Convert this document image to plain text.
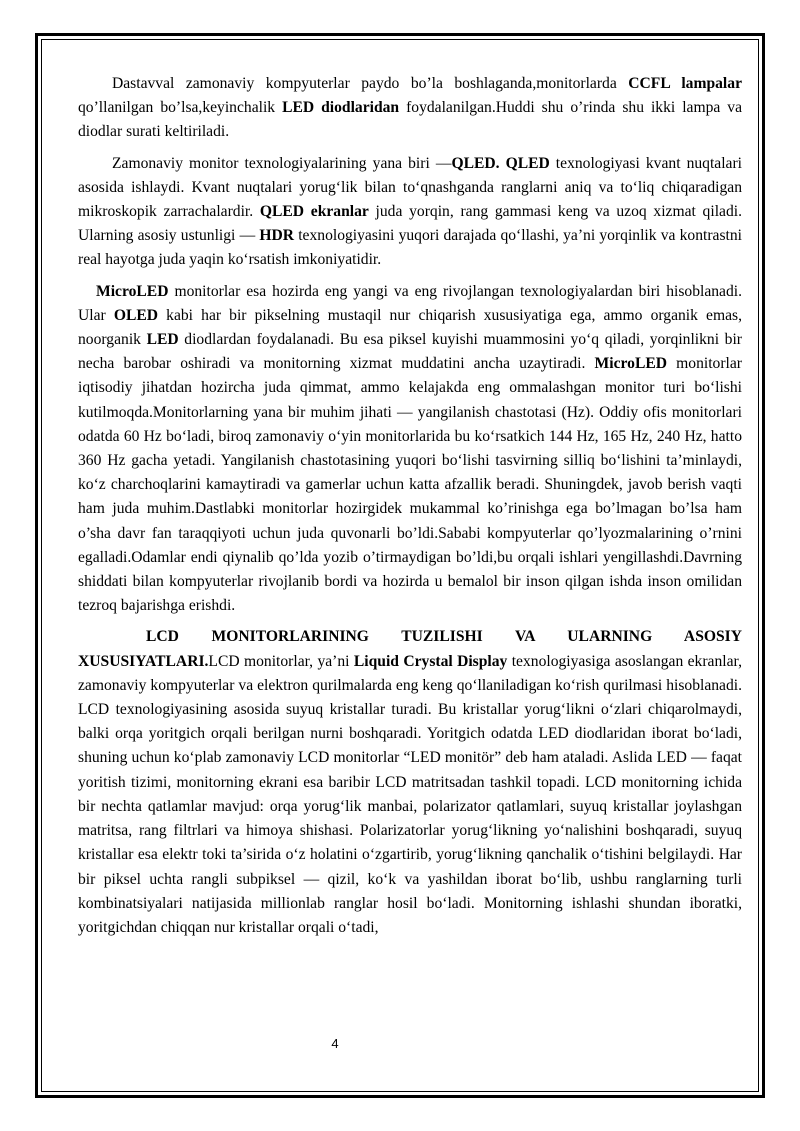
Dastavval zamonaviy kompyuterlar paydo bo’la boshlaganda,monitorlarda CCFL lampalar qo’llanilgan bo’lsa,keyinchalik LED diodlaridan foydalanilgan.Huddi shu o’rinda shu ikki lampa va diodlar surati keltiriladi.

Zamonaviy monitor texnologiyalarining yana biri —QLED. QLED texnologiyasi kvant nuqtalari asosida ishlaydi. Kvant nuqtalari yorug‘lik bilan to‘qnashganda ranglarni aniq va to‘liq chiqaradigan mikroskopik zarrachalardir. QLED ekranlar juda yorqin, rang gammasi keng va uzoq xizmat qiladi. Ularning asosiy ustunligi — HDR texnologiyasini yuqori darajada qo‘llashi, ya’ni yorqinlik va kontrastni real hayotga juda yaqin ko‘rsatish imkoniyatidir.

MicroLED monitorlar esa hozirda eng yangi va eng rivojlangan texnologiyalardan biri hisoblanadi. Ular OLED kabi har bir pikselning mustaqil nur chiqarish xususiyatiga ega, ammo organik emas, noorganik LED diodlardan foydalanadi. Bu esa piksel kuyishi muammosini yo‘q qiladi, yorqinlikni bir necha barobar oshiradi va monitorning xizmat muddatini ancha uzaytiradi. MicroLED monitorlar iqtisodiy jihatdan hozircha juda qimmat, ammo kelajakda eng ommalashgan monitor turi bo‘lishi kutilmoqda.Monitorlarning yana bir muhim jihati — yangilanish chastotasi (Hz). Oddiy ofis monitorlari odatda 60 Hz bo‘ladi, biroq zamonaviy o‘yin monitorlarida bu ko‘rsatkich 144 Hz, 165 Hz, 240 Hz, hatto 360 Hz gacha yetadi. Yangilanish chastotasining yuqori bo‘lishi tasvirning silliq bo‘lishini ta’minlaydi, ko‘z charchoqlarini kamaytiradi va gamerlar uchun katta afzallik beradi. Shuningdek, javob berish vaqti ham juda muhim.Dastlabki monitorlar hozirgidek mukammal ko’rinishga ega bo’lmagan bo’lsa ham o’sha davr fan taraqqiyoti uchun juda quvonarli bo’ldi.Sababi kompyuterlar qo’lyozmalarining o’rnini egalladi.Odamlar endi qiynalib qo’lda yozib o’tirmaydigan bo’ldi,bu orqali ishlari yengillashdi.Davrning shiddati bilan kompyuterlar rivojlanib bordi va hozirda u bemalol bir inson qilgan ishda inson omilidan tezroq bajarishga erishdi.

LCD MONITORLARINING TUZILISHI VA ULARNING ASOSIY XUSUSIYATLARI.LCD monitorlar, ya’ni Liquid Crystal Display texnologiyasiga asoslangan ekranlar, zamonaviy kompyuterlar va elektron qurilmalarda eng keng qo‘llaniladigan ko‘rish qurilmasi hisoblanadi. LCD texnologiyasining asosida suyuq kristallar turadi. Bu kristallar yorug‘likni o‘zlari chiqarolmaydi, balki orqa yoritgich orqali berilgan nurni boshqaradi. Yoritgich odatda LED diodlaridan iborat bo‘ladi, shuning uchun ko‘plab zamonaviy LCD monitorlar “LED monitör” deb ham ataladi. Aslida LED — faqat yoritish tizimi, monitorning ekrani esa baribir LCD matritsadan tashkil topadi. LCD monitorning ichida bir nechta qatlamlar mavjud: orqa yorug‘lik manbai, polarizator qatlamlari, suyuq kristallar joylashgan matritsa, rang filtrlari va himoya shishasi. Polarizatorlar yorug‘likning yo‘nalishini boshqaradi, suyuq kristallar esa elektr toki ta’sirida o‘z holatini o‘zgartirib, yorug‘likning qanchalik o‘tishini belgilaydi. Har bir piksel uchta rangli subpiksel — qizil, ko‘k va yashildan iborat bo‘lib, ushbu ranglarning turli kombinatsiyalari natijasida millionlab ranglar hosil bo‘ladi. Monitorning ishlashi shundan iboratki, yoritgichdan chiqqan nur kristallar orqali o‘tadi,

4
